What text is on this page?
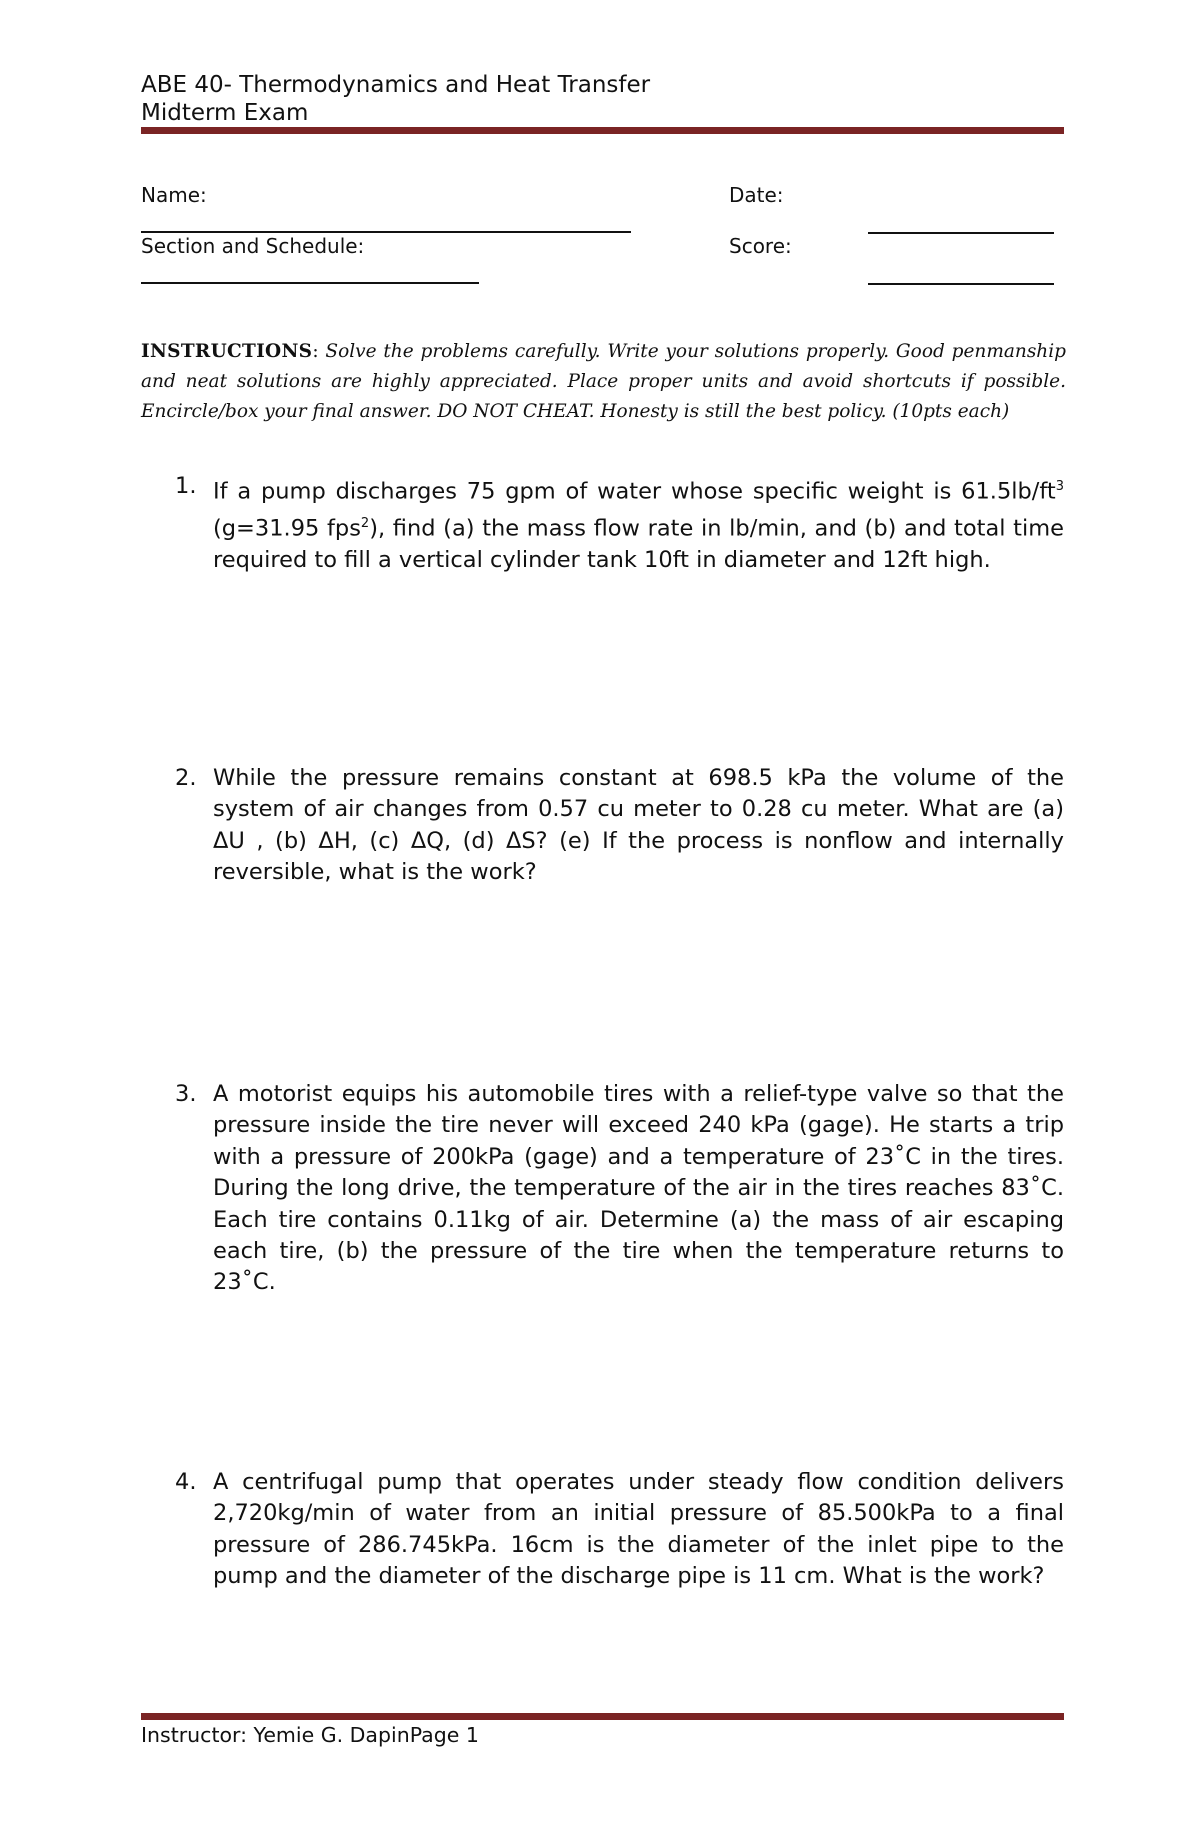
ABE 40- Thermodynamics and Heat Transfer
Midterm Exam
Name:	Date:
Section and Schedule:	Score:
INSTRUCTIONS: Solve the problems carefully. Write your solutions properly. Good penmanship and neat solutions are highly appreciated. Place proper units and avoid shortcuts if possible. Encircle/box your final answer. DO NOT CHEAT. Honesty is still the best policy. (10pts each)
1. If a pump discharges 75 gpm of water whose specific weight is $61.5lb/ft^3$ (g=31.95 fps$^2$), find (a) the mass flow rate in lb/min, and (b) and total time required to fill a vertical cylinder tank 10ft in diameter and 12ft high.
2. While the pressure remains constant at 698.5 kPa the volume of the system of air changes from 0.57 cu meter to 0.28 cu meter. What are (a) ΔU , (b) ΔH, (c) ΔQ, (d) ΔS? (e) If the process is nonflow and internally reversible, what is the work?
3. A motorist equips his automobile tires with a relief-type valve so that the pressure inside the tire never will exceed 240 kPa (gage). He starts a trip with a pressure of 200kPa (gage) and a temperature of 23˚C in the tires. During the long drive, the temperature of the air in the tires reaches 83˚C. Each tire contains 0.11kg of air. Determine (a) the mass of air escaping each tire, (b) the pressure of the tire when the temperature returns to 23˚C.
4. A centrifugal pump that operates under steady flow condition delivers 2,720kg/min of water from an initial pressure of 85.500kPa to a final pressure of 286.745kPa. 16cm is the diameter of the inlet pipe to the pump and the diameter of the discharge pipe is 11 cm. What is the work?
Instructor: Yemie G. DapinPage 1
